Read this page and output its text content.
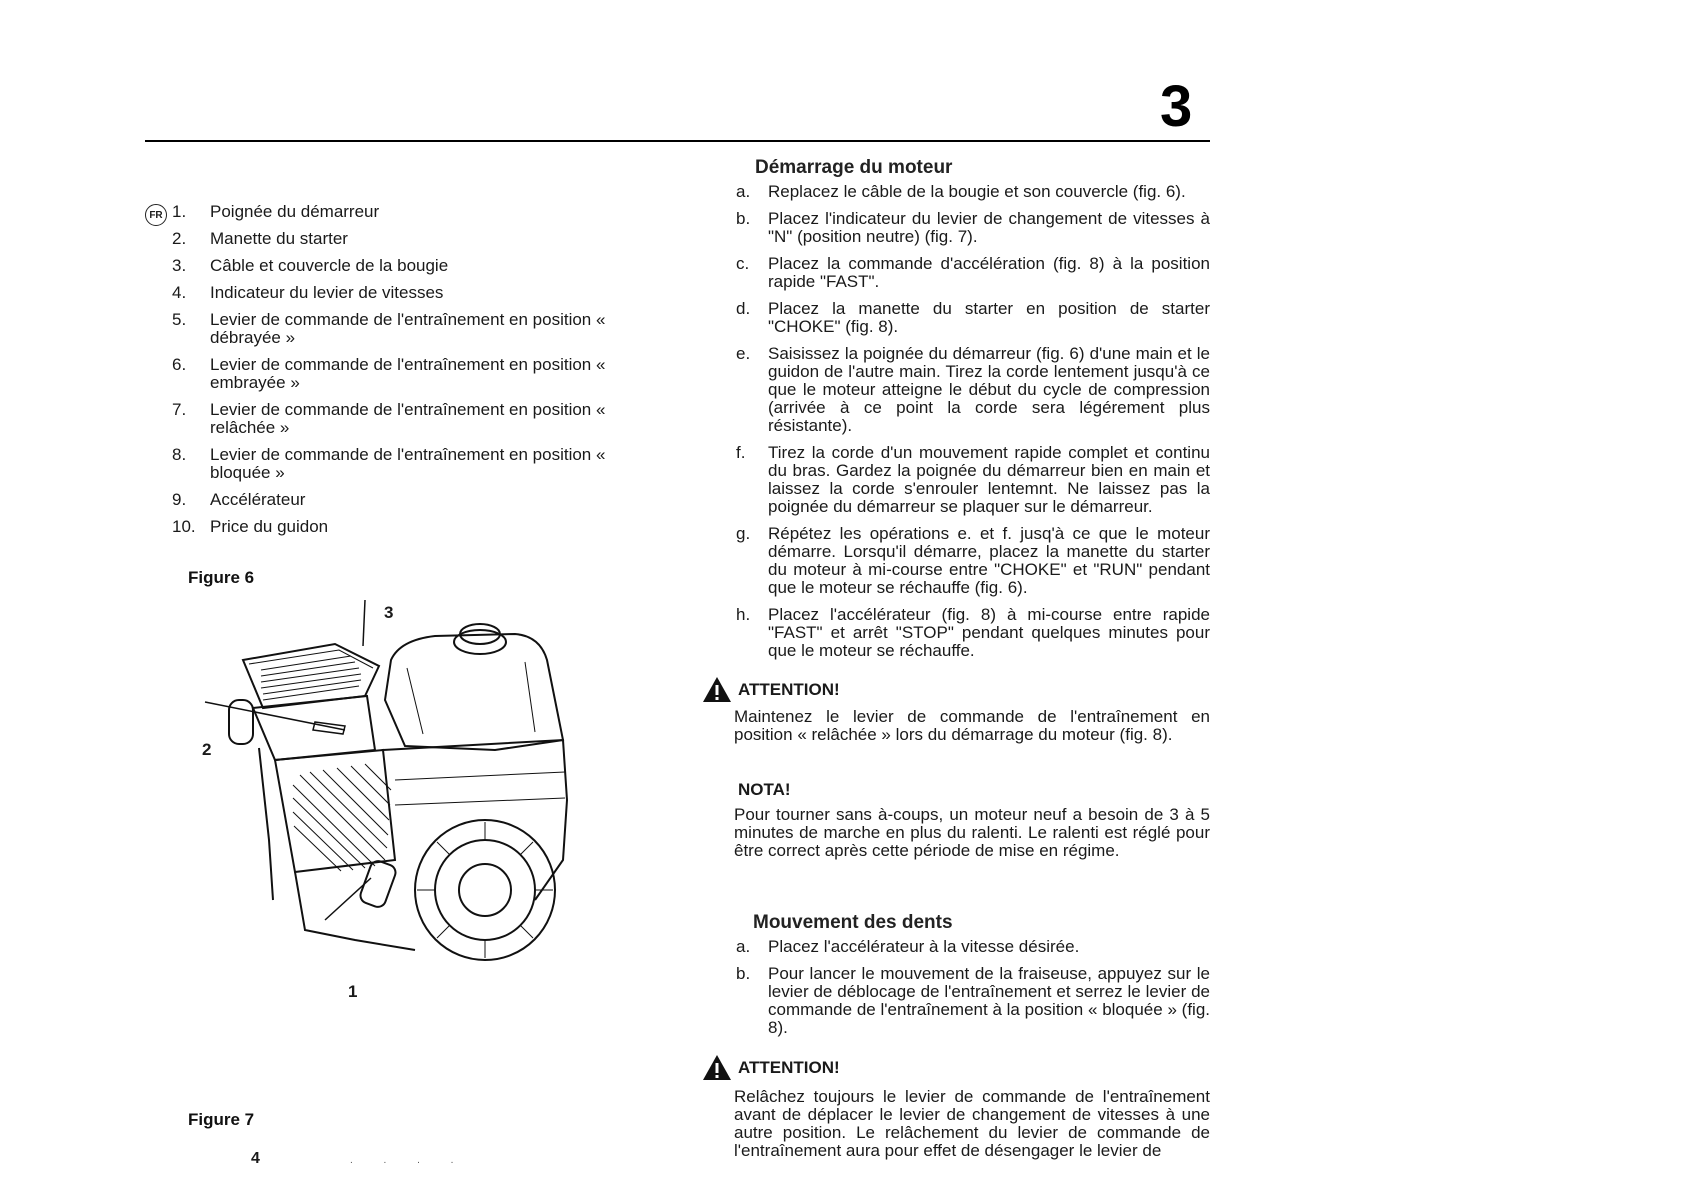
3
FR 1.	Poignée du démarreur
2.	Manette du starter
3.	Câble et couvercle de la bougie
4.	Indicateur du levier de vitesses
5.	Levier de commande de l'entraînement en position « débrayée »
6.	Levier de commande de l'entraînement en position « embrayée »
7.	Levier de commande de l'entraînement en position « relâchée »
8.	Levier de commande de l'entraînement en position « bloquée »
9.	Accélérateur
10. Price du guidon
Figure 6
3
2
1
Figure 7
4	. . . .
Démarrage du moteur
a.	Replacez le câble de la bougie et son couvercle (fig. 6).
b.	Placez l'indicateur du levier de changement de vitesses à "N" (position neutre) (fig. 7).
c.	Placez la commande d'accélération (fig. 8) à la position rapide "FAST".
d.	Placez la manette du starter en position de starter "CHOKE" (fig. 8).
e.	Saisissez la poignée du démarreur (fig. 6) d'une main et le guidon de l'autre main. Tirez la corde lentement jusqu'à ce que le moteur atteigne le début du cycle de compression (arrivée à ce point la corde sera légérement plus résistante).
f.	Tirez la corde d'un mouvement rapide complet et continu du bras. Gardez la poignée du démarreur bien en main et laissez la corde s'enrouler lentemnt. Ne laissez pas la poignée du démarreur se plaquer sur le démarreur.
g.	Répétez les opérations e. et f. jusq'à ce que le moteur démarre. Lorsqu'il démarre, placez la manette du starter du moteur à mi-course entre "CHOKE" et "RUN" pendant que le moteur se réchauffe (fig. 6).
h.	Placez l'accélérateur (fig. 8) à mi-course entre rapide "FAST" et arrêt "STOP" pendant quelques minutes pour que le moteur se réchauffe.
ATTENTION!
Maintenez le levier de commande de l'entraînement en position « relâchée » lors du démarrage du moteur (fig. 8).
NOTA!
Pour tourner sans à-coups, un moteur neuf a besoin de 3 à 5 minutes de marche en plus du ralenti. Le ralenti est réglé pour être correct après cette période de mise en régime.
Mouvement des dents
a.	Placez l'accélérateur à la vitesse désirée.
b.	Pour lancer le mouvement de la fraiseuse, appuyez sur le levier de déblocage de l'entraînement et serrez le levier de commande de l'entraînement à la position « bloquée » (fig. 8).
ATTENTION!
Relâchez toujours le levier de commande de l'entraînement avant de déplacer le levier de changement de vitesses à une autre position. Le relâchement du levier de commande de l'entraînement aura pour effet de désengager le levier de
